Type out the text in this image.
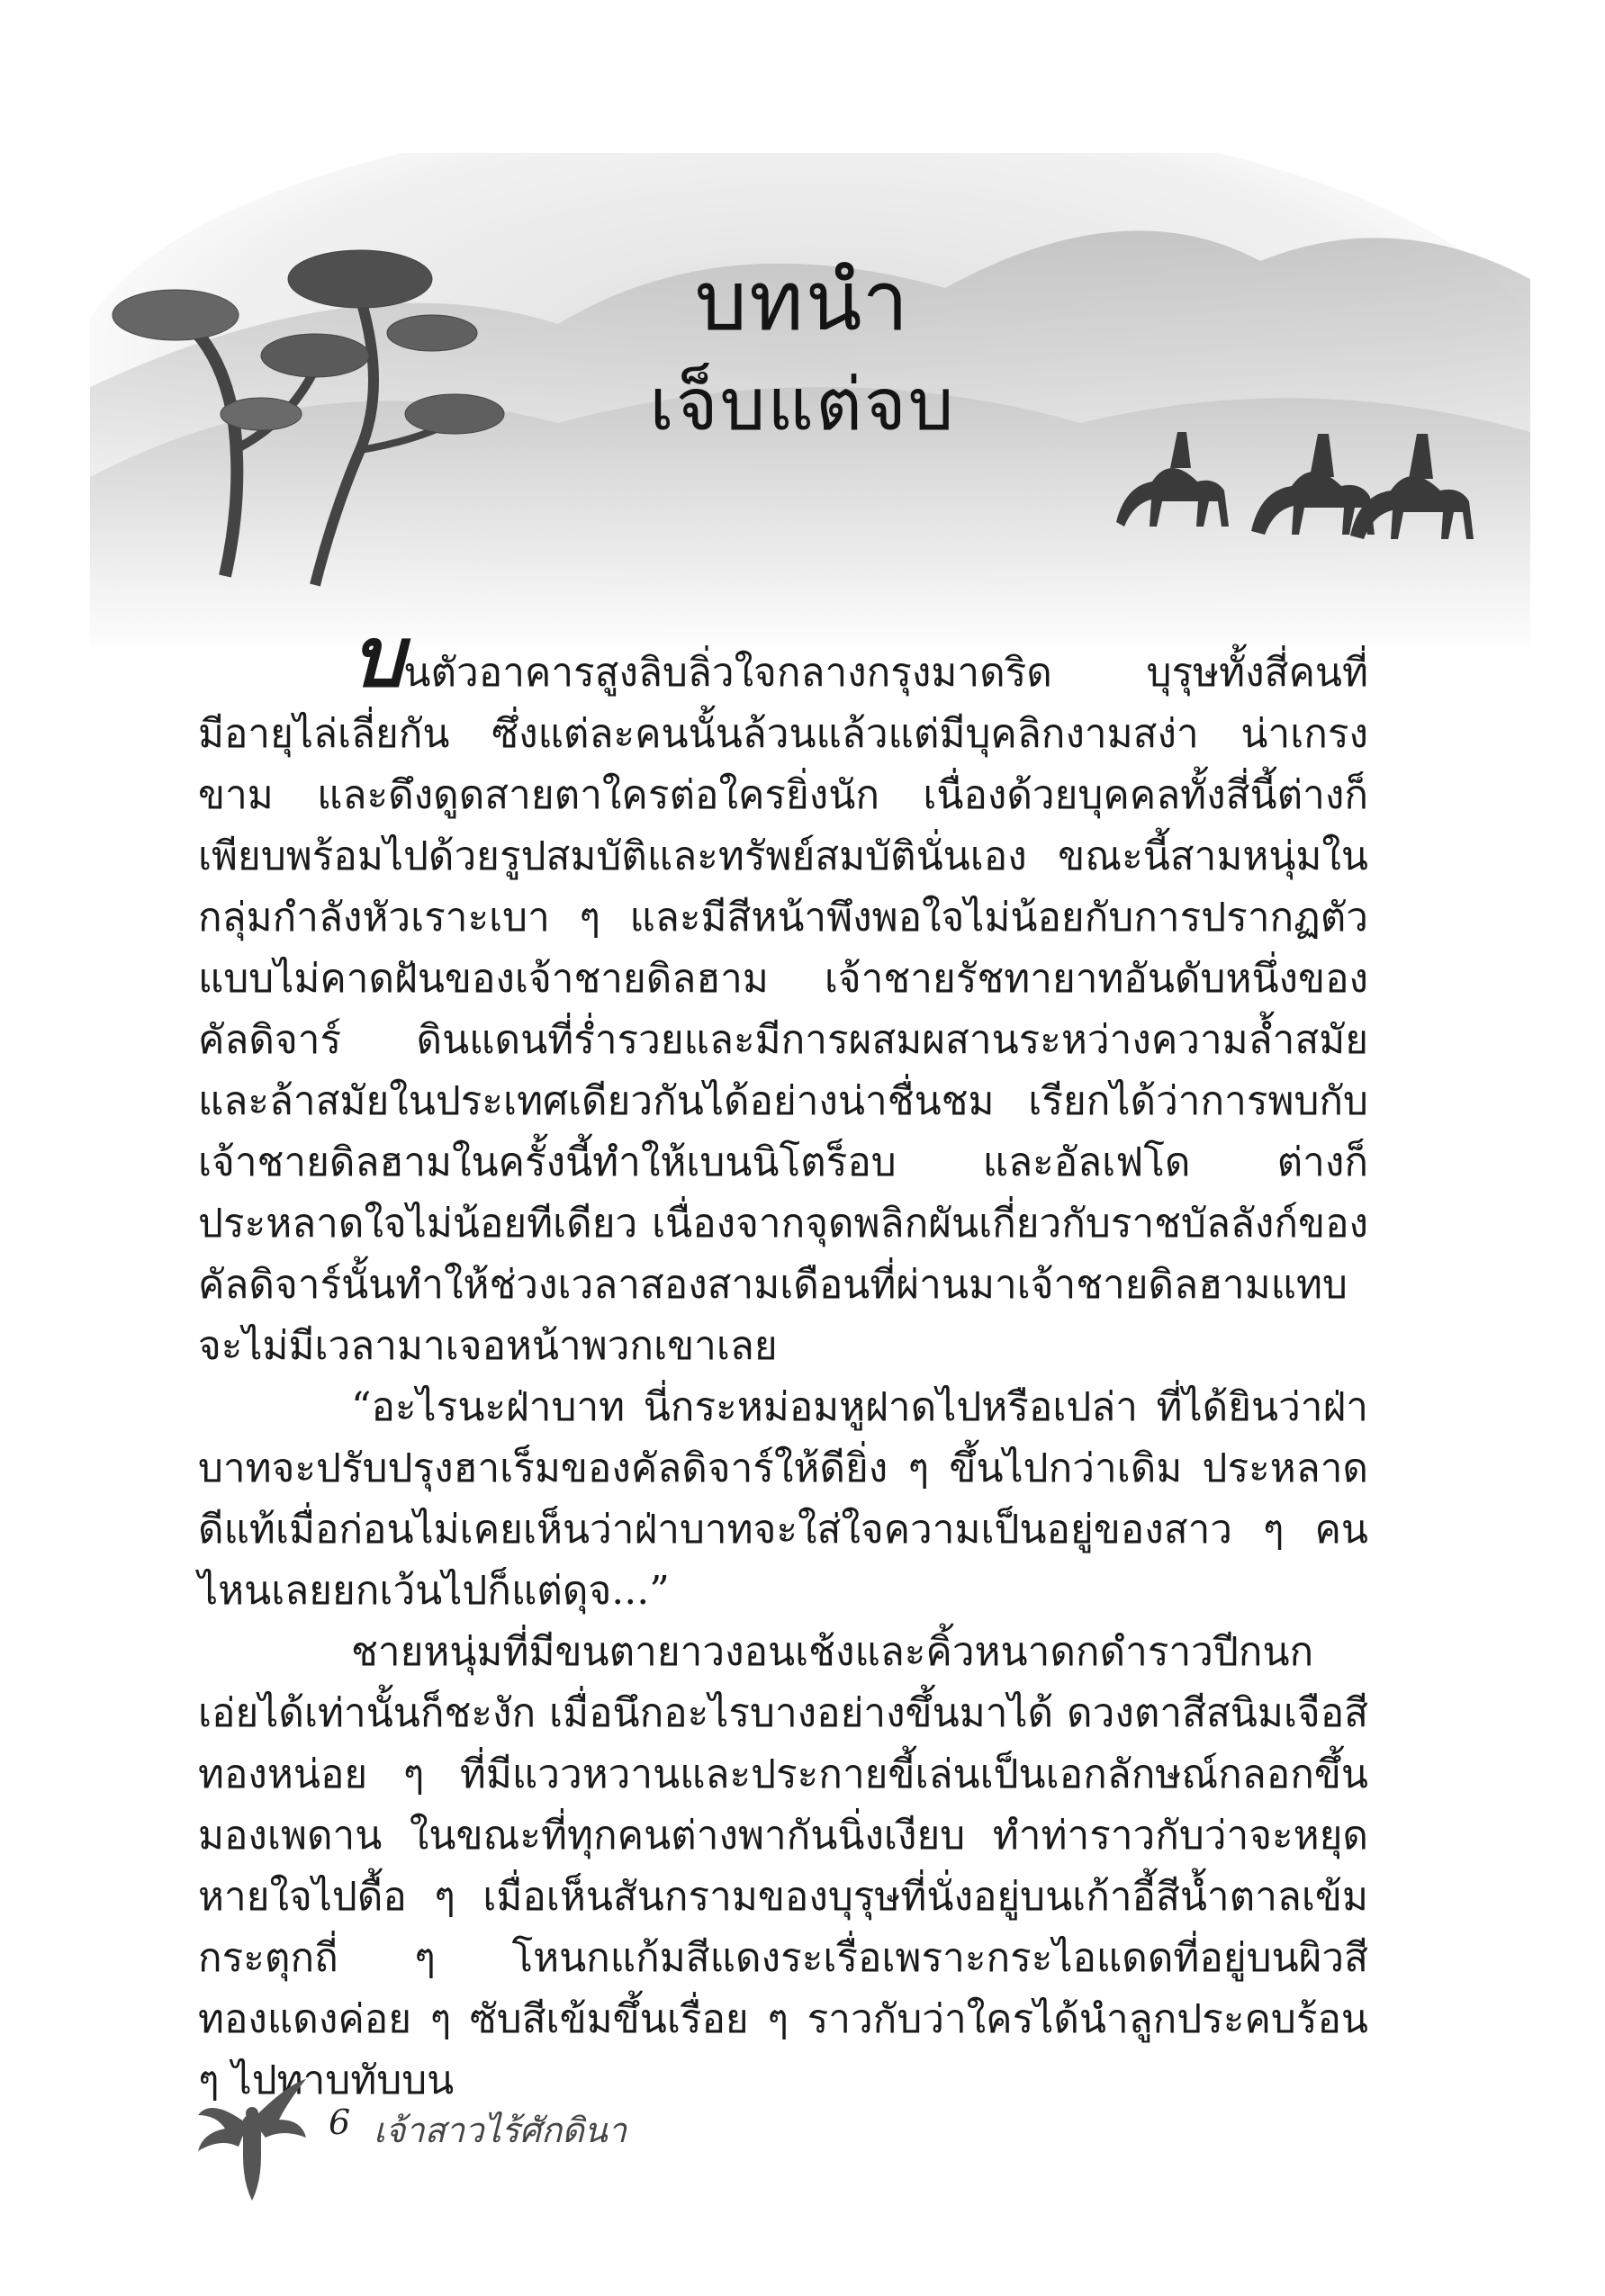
บทนำ
เจ็บแต่จบ

บนตัวอาคารสูงลิบลิ่วใจกลางกรุงมาดริด บุรุษทั้งสี่คนที่มีอายุไล่เลี่ยกัน ซึ่งแต่ละคนนั้นล้วนแล้วแต่มีบุคลิกงามสง่า น่าเกรงขาม และดึงดูดสายตาใครต่อใครยิ่งนัก เนื่องด้วยบุคคลทั้งสี่นี้ต่างก็เพียบพร้อมไปด้วยรูปสมบัติและทรัพย์สมบัตินั่นเอง ขณะนี้สามหนุ่มในกลุ่มกำลังหัวเราะเบา ๆ และมีสีหน้าพึงพอใจไม่น้อยกับการปรากฏตัวแบบไม่คาดฝันของเจ้าชายดิลฮาม เจ้าชายรัชทายาทอันดับหนึ่งของคัลดิจาร์ ดินแดนที่ร่ำรวยและมีการผสมผสานระหว่างความล้ำสมัยและล้าสมัยในประเทศเดียวกันได้อย่างน่าชื่นชม เรียกได้ว่าการพบกับเจ้าชายดิลฮามในครั้งนี้ทำให้เบนนิโตร็อบ และอัลเฟโด ต่างก็ประหลาดใจไม่น้อยทีเดียว เนื่องจากจุดพลิกผันเกี่ยวกับราชบัลลังก์ของคัลดิจาร์นั้นทำให้ช่วงเวลาสองสามเดือนที่ผ่านมาเจ้าชายดิลฮามแทบจะไม่มีเวลามาเจอหน้าพวกเขาเลย

“อะไรนะฝ่าบาท นี่กระหม่อมหูฝาดไปหรือเปล่า ที่ได้ยินว่าฝ่าบาทจะปรับปรุงฮาเร็มของคัลดิจาร์ให้ดียิ่ง ๆ ขึ้นไปกว่าเดิม ประหลาดดีแท้เมื่อก่อนไม่เคยเห็นว่าฝ่าบาทจะใส่ใจความเป็นอยู่ของสาว ๆ คนไหนเลยยกเว้นไปก็แต่ดุจ...”

ชายหนุ่มที่มีขนตายาวงอนเช้งและคิ้วหนาดกดำราวปีกนกเอ่ยได้เท่านั้นก็ชะงัก เมื่อนึกอะไรบางอย่างขึ้นมาได้ ดวงตาสีสนิมเจือสีทองหน่อย ๆ ที่มีแววหวานและประกายขี้เล่นเป็นเอกลักษณ์กลอกขึ้นมองเพดาน ในขณะที่ทุกคนต่างพากันนิ่งเงียบ ทำท่าราวกับว่าจะหยุดหายใจไปดื้อ ๆ เมื่อเห็นสันกรามของบุรุษที่นั่งอยู่บนเก้าอี้สีน้ำตาลเข้มกระตุกถี่ ๆ โหนกแก้มสีแดงระเรื่อเพราะกระไอแดดที่อยู่บนผิวสีทองแดงค่อย ๆ ซับสีเข้มขึ้นเรื่อย ๆ ราวกับว่าใครได้นำลูกประคบร้อน ๆ ไปทาบทับบน

6 เจ้าสาวไร้ศักดินา
